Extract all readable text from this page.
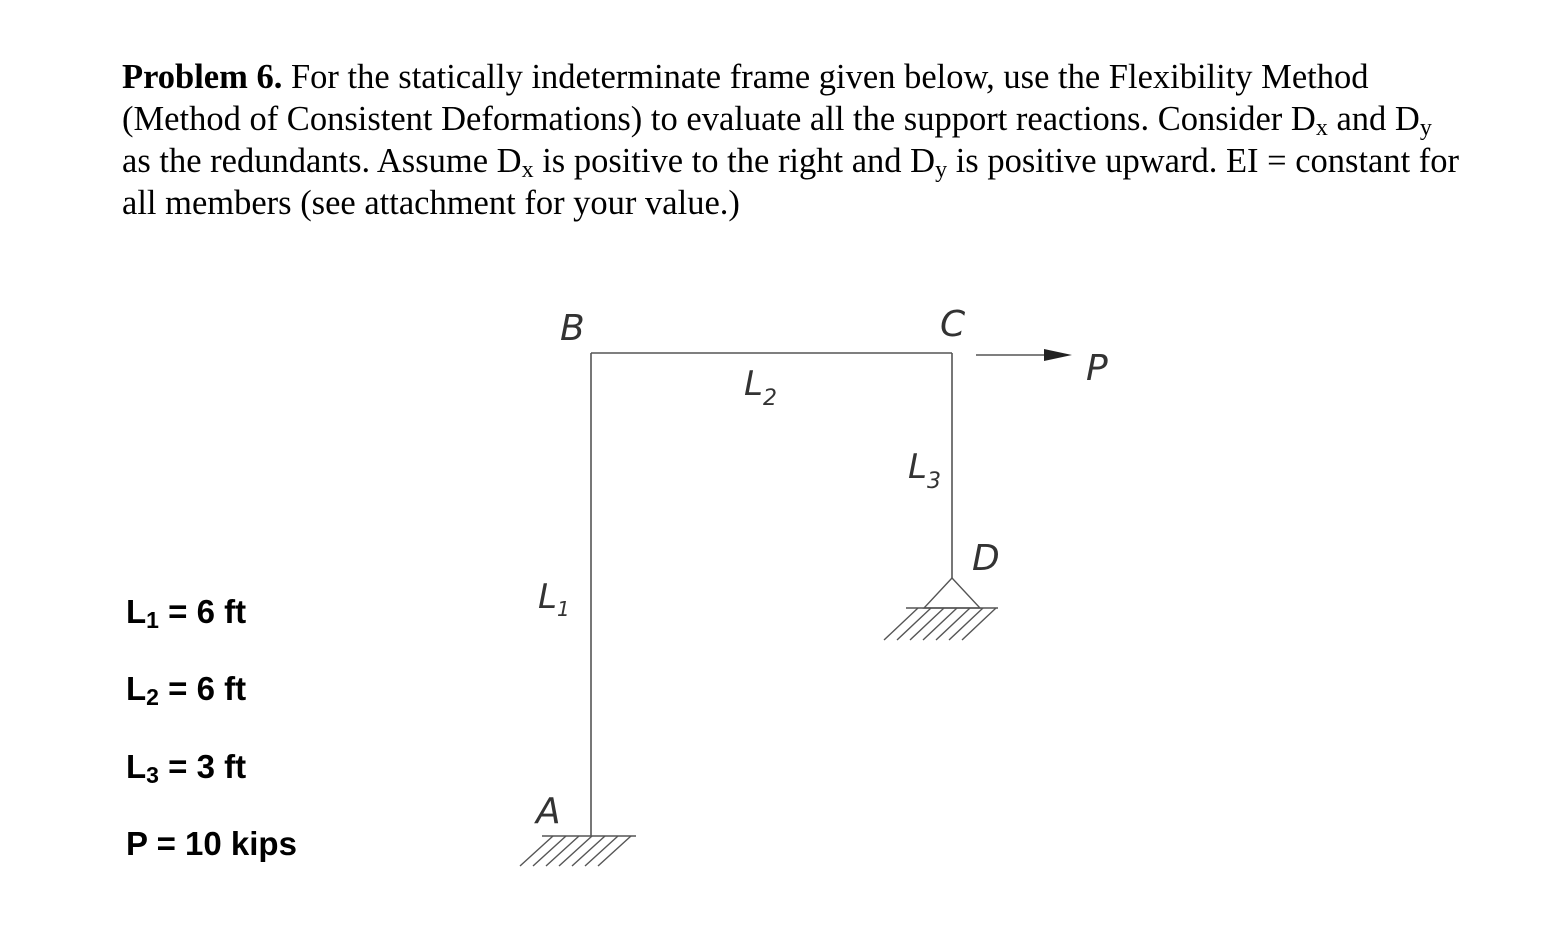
Problem 6. For the statically indeterminate frame given below, use the Flexibility Method
(Method of Consistent Deformations) to evaluate all the support reactions. Consider $D_x$ and $D_y$
as the redundants. Assume $D_x$ is positive to the right and $D_y$ is positive upward. EI = constant for
all members (see attachment for your value.)
L1 = 6 ft
L2 = 6 ft
L3 = 3 ft
P = 10 kips
B	C
D
A
P
$L_2$
$L_3$
$L_1$
